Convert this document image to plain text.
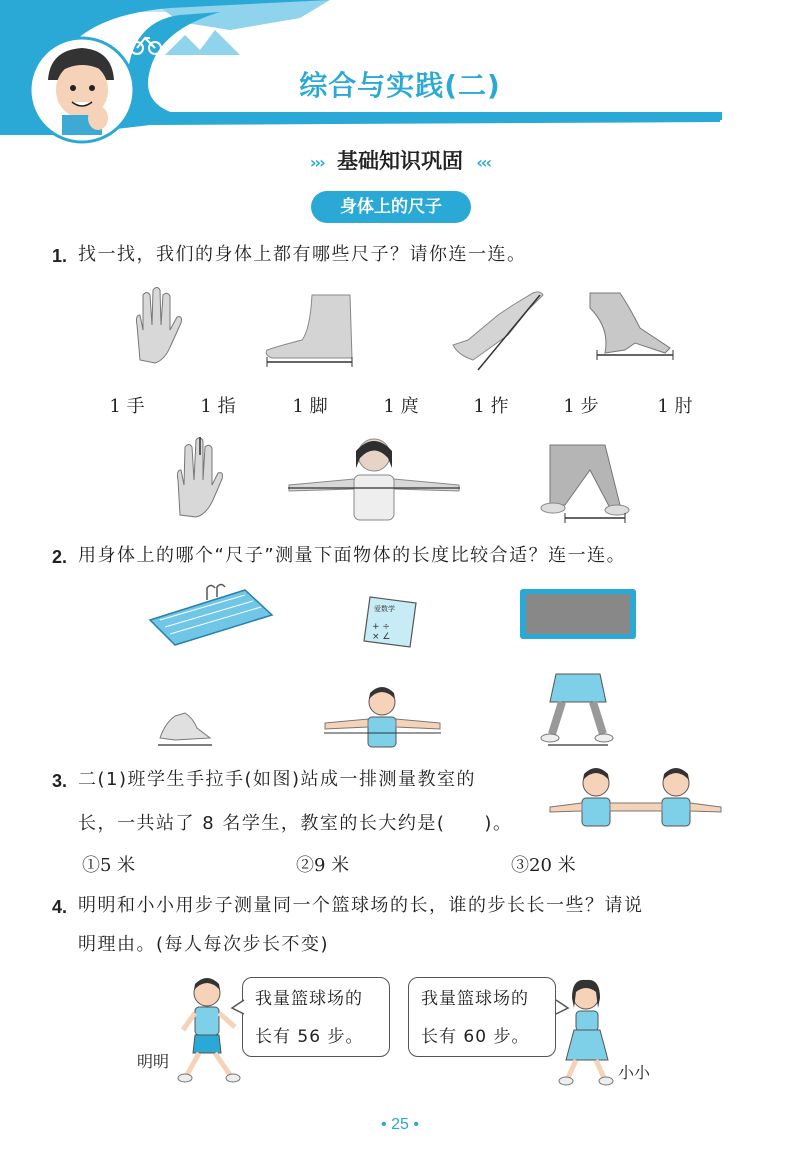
综合与实践(二)
››› 基础知识巩固 ‹‹‹
身体上的尺子
1. 找一找，我们的身体上都有哪些尺子？请你连一连。
1 手	1 指	1 脚	1 庹	1 拃	1 步	1 肘
2. 用身体上的哪个“尺子”测量下面物体的长度比较合适？连一连。
爱数学
+ ÷
× ∠
3. 二(1)班学生手拉手(如图)站成一排测量教室的
长，一共站了 8 名学生，教室的长大约是(　　)。
①5 米	②9 米	③20 米
4. 明明和小小用步子测量同一个篮球场的长，谁的步长长一些？请说
明理由。(每人每次步长不变)
明明
我量篮球场的
长有 56 步。
我量篮球场的
长有 60 步。
小小
• 25 •
